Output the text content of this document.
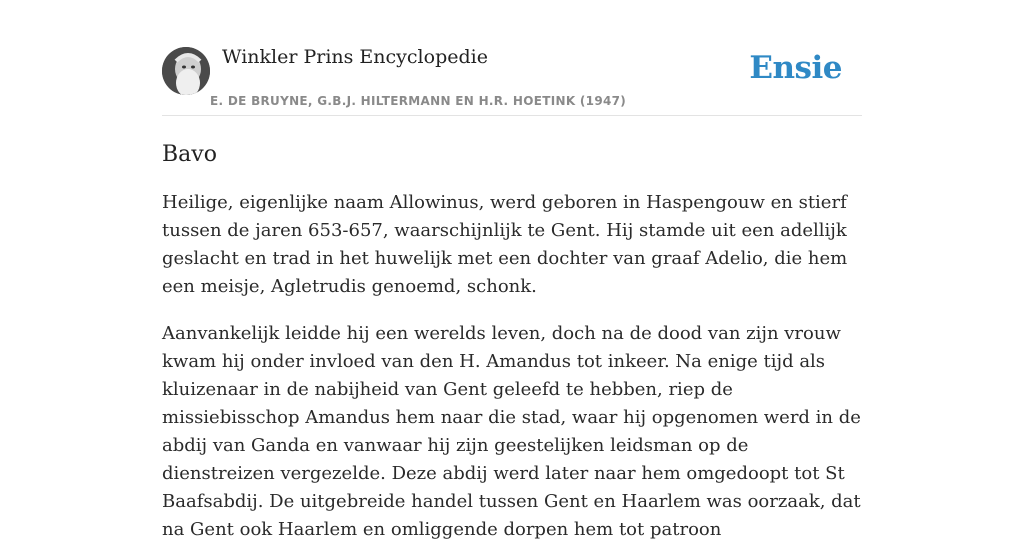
Winkler Prins Encyclopedie
E. DE BRUYNE, G.B.J. HILTERMANN EN H.R. HOETINK (1947)
Ensie
Bavo

Heilige, eigenlijke naam Allowinus, werd geboren in Haspengouw en stierf tussen de jaren 653-657, waarschijnlijk te Gent. Hij stamde uit een adellijk geslacht en trad in het huwelijk met een dochter van graaf Adelio, die hem een meisje, Agletrudis genoemd, schonk.

Aanvankelijk leidde hij een werelds leven, doch na de dood van zijn vrouw kwam hij onder invloed van den H. Amandus tot inkeer. Na enige tijd als kluizenaar in de nabijheid van Gent geleefd te hebben, riep de missiebisschop Amandus hem naar die stad, waar hij opgenomen werd in de abdij van Ganda en vanwaar hij zijn geestelijken leidsman op de dienstreizen vergezelde. Deze abdij werd later naar hem omgedoopt tot St Baafsabdij. De uitgebreide handel tussen Gent en Haarlem was oorzaak, dat na Gent ook Haarlem en omliggende dorpen hem tot patroon
